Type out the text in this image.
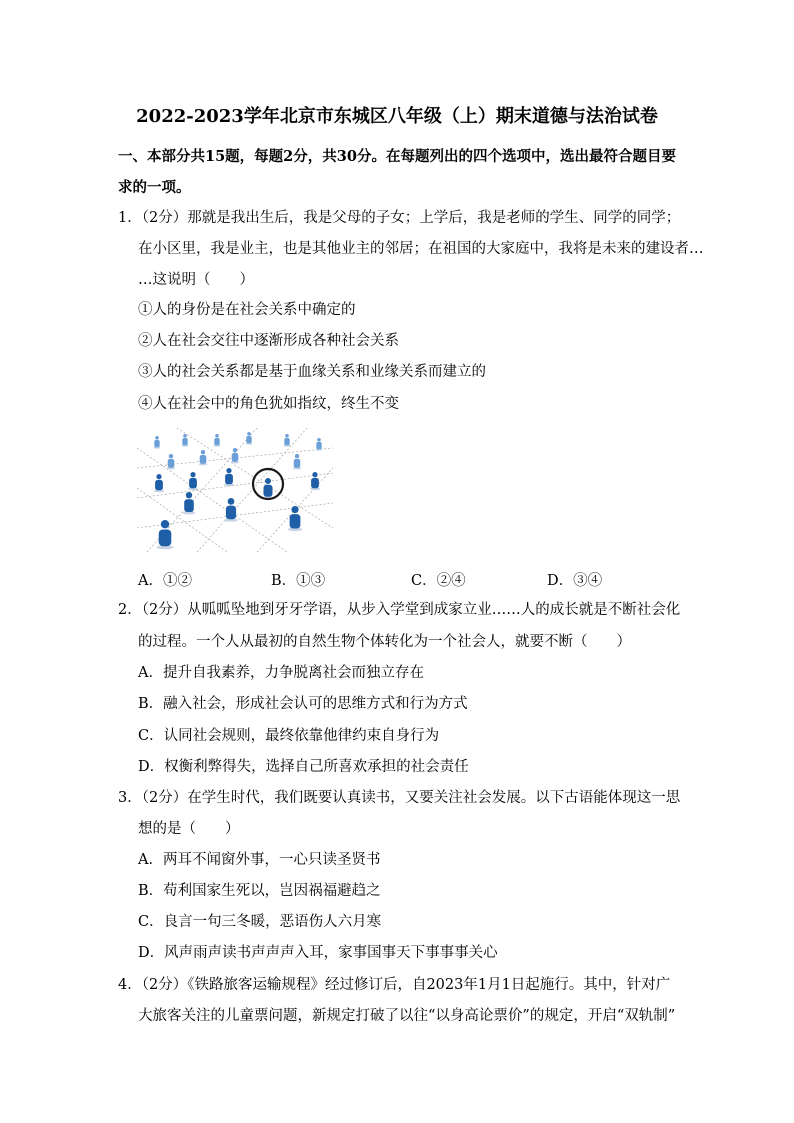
2022-2023学年北京市东城区八年级（上）期末道德与法治试卷
一、本部分共15题，每题2分，共30分。在每题列出的四个选项中，选出最符合题目要
求的一项。
1．（2分）那就是我出生后，我是父母的子女；上学后，我是老师的学生、同学的同学；
在小区里，我是业主，也是其他业主的邻居；在祖国的大家庭中，我将是未来的建设者…
…这说明（　　）
①人的身份是在社会关系中确定的
②人在社会交往中逐渐形成各种社会关系
③人的社会关系都是基于血缘关系和业缘关系而建立的
④人在社会中的角色犹如指纹，终生不变
A．①②	B．①③	C．②④	D．③④
2．（2分）从呱呱坠地到牙牙学语，从步入学堂到成家立业……人的成长就是不断社会化
的过程。一个人从最初的自然生物个体转化为一个社会人，就要不断（　　）
A．提升自我素养，力争脱离社会而独立存在
B．融入社会，形成社会认可的思维方式和行为方式
C．认同社会规则，最终依靠他律约束自身行为
D．权衡利弊得失，选择自己所喜欢承担的社会责任
3．（2分）在学生时代，我们既要认真读书，又要关注社会发展。以下古语能体现这一思
想的是（　　）
A．两耳不闻窗外事，一心只读圣贤书
B．苟利国家生死以，岂因祸福避趋之
C．良言一句三冬暖，恶语伤人六月寒
D．风声雨声读书声声声入耳，家事国事天下事事事关心
4．（2分）《铁路旅客运输规程》经过修订后，自2023年1月1日起施行。其中，针对广
大旅客关注的儿童票问题，新规定打破了以往“以身高论票价”的规定，开启“双轨制”
